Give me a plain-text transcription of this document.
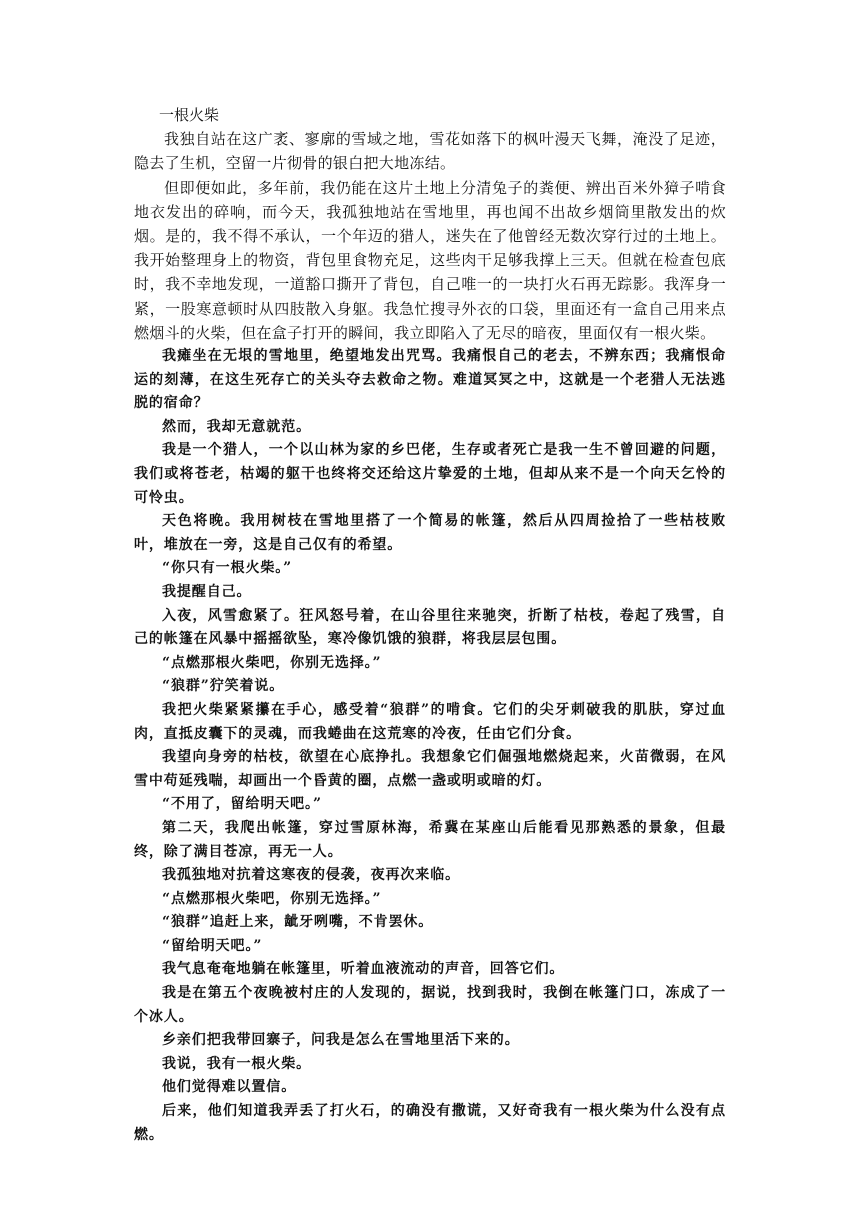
一根火柴

我独自站在这广袤、寥廓的雪域之地，雪花如落下的枫叶漫天飞舞，淹没了足迹，隐去了生机，空留一片彻骨的银白把大地冻结。

但即便如此，多年前，我仍能在这片土地上分清兔子的粪便、辨出百米外獐子啃食地衣发出的碎响，而今天，我孤独地站在雪地里，再也闻不出故乡烟筒里散发出的炊烟。是的，我不得不承认，一个年迈的猎人，迷失在了他曾经无数次穿行过的土地上。我开始整理身上的物资，背包里食物充足，这些肉干足够我撑上三天。但就在检查包底时，我不幸地发现，一道豁口撕开了背包，自己唯一的一块打火石再无踪影。我浑身一紧，一股寒意顿时从四肢散入身躯。我急忙搜寻外衣的口袋，里面还有一盒自己用来点燃烟斗的火柴，但在盒子打开的瞬间，我立即陷入了无尽的暗夜，里面仅有一根火柴。

我瘫坐在无垠的雪地里，绝望地发出咒骂。我痛恨自己的老去，不辨东西；我痛恨命运的刻薄，在这生死存亡的关头夺去救命之物。难道冥冥之中，这就是一个老猎人无法逃脱的宿命？

然而，我却无意就范。

我是一个猎人，一个以山林为家的乡巴佬，生存或者死亡是我一生不曾回避的问题，我们或将苍老，枯竭的躯干也终将交还给这片挚爱的土地，但却从来不是一个向天乞怜的可怜虫。

天色将晚。我用树枝在雪地里搭了一个简易的帐篷，然后从四周捡拾了一些枯枝败叶，堆放在一旁，这是自己仅有的希望。

“你只有一根火柴。”

我提醒自己。

入夜，风雪愈紧了。狂风怒号着，在山谷里往来驰突，折断了枯枝，卷起了残雪，自己的帐篷在风暴中摇摇欲坠，寒冷像饥饿的狼群，将我层层包围。

“点燃那根火柴吧，你别无选择。”

“狼群”狞笑着说。

我把火柴紧紧攥在手心，感受着“狼群”的啃食。它们的尖牙刺破我的肌肤，穿过血肉，直抵皮囊下的灵魂，而我蜷曲在这荒寒的冷夜，任由它们分食。

我望向身旁的枯枝，欲望在心底挣扎。我想象它们倔强地燃烧起来，火苗微弱，在风雪中苟延残喘，却画出一个昏黄的圈，点燃一盏或明或暗的灯。

“不用了，留给明天吧。”

第二天，我爬出帐篷，穿过雪原林海，希冀在某座山后能看见那熟悉的景象，但最终，除了满目苍凉，再无一人。

我孤独地对抗着这寒夜的侵袭，夜再次来临。

“点燃那根火柴吧，你别无选择。”

“狼群”追赶上来，龇牙咧嘴，不肯罢休。

“留给明天吧。”

我气息奄奄地躺在帐篷里，听着血液流动的声音，回答它们。

我是在第五个夜晚被村庄的人发现的，据说，找到我时，我倒在帐篷门口，冻成了一个冰人。

乡亲们把我带回寨子，问我是怎么在雪地里活下来的。

我说，我有一根火柴。

他们觉得难以置信。

后来，他们知道我弄丢了打火石，的确没有撒谎，又好奇我有一根火柴为什么没有点燃。
